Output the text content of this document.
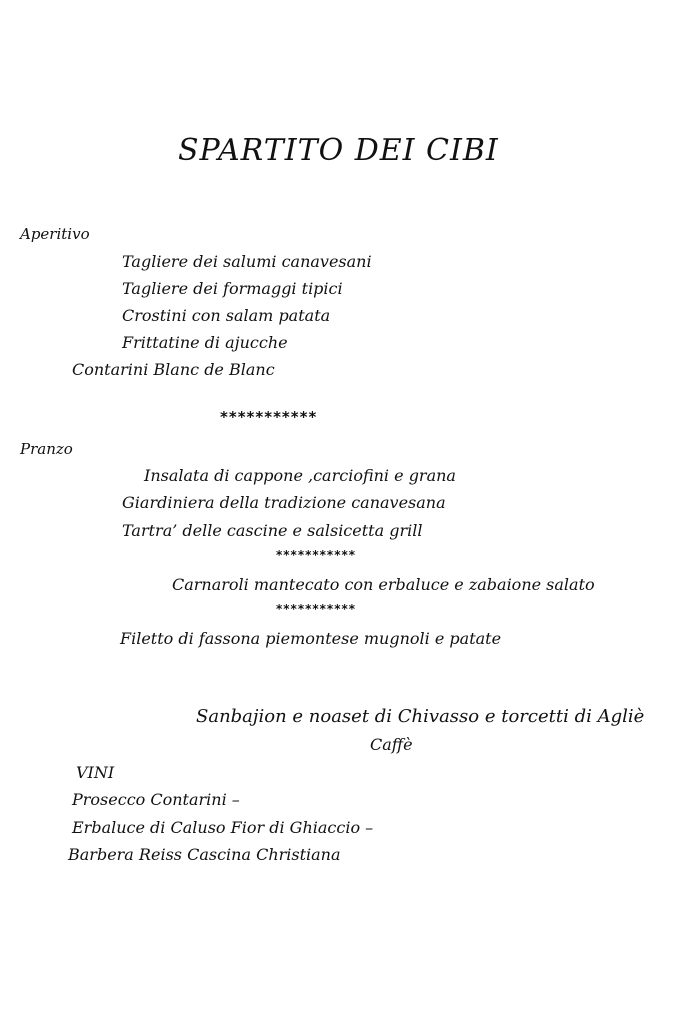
SPARTITO DEI CIBI
Aperitivo
Tagliere dei salumi canavesani
Tagliere dei formaggi tipici
Crostini con salam patata
Frittatine di ajucche
Contarini Blanc de Blanc
***********
Pranzo
Insalata di cappone ,carciofini e grana
Giardiniera della tradizione canavesana
Tartra’ delle cascine e salsicetta grill
***********
Carnaroli mantecato con erbaluce e zabaione salato
***********
Filetto di fassona piemontese mugnoli e patate
Sanbajion e noaset di Chivasso e torcetti di Agliè
Caffè
VINI
Prosecco Contarini –
Erbaluce di Caluso Fior di Ghiaccio –
Barbera Reiss Cascina Christiana
